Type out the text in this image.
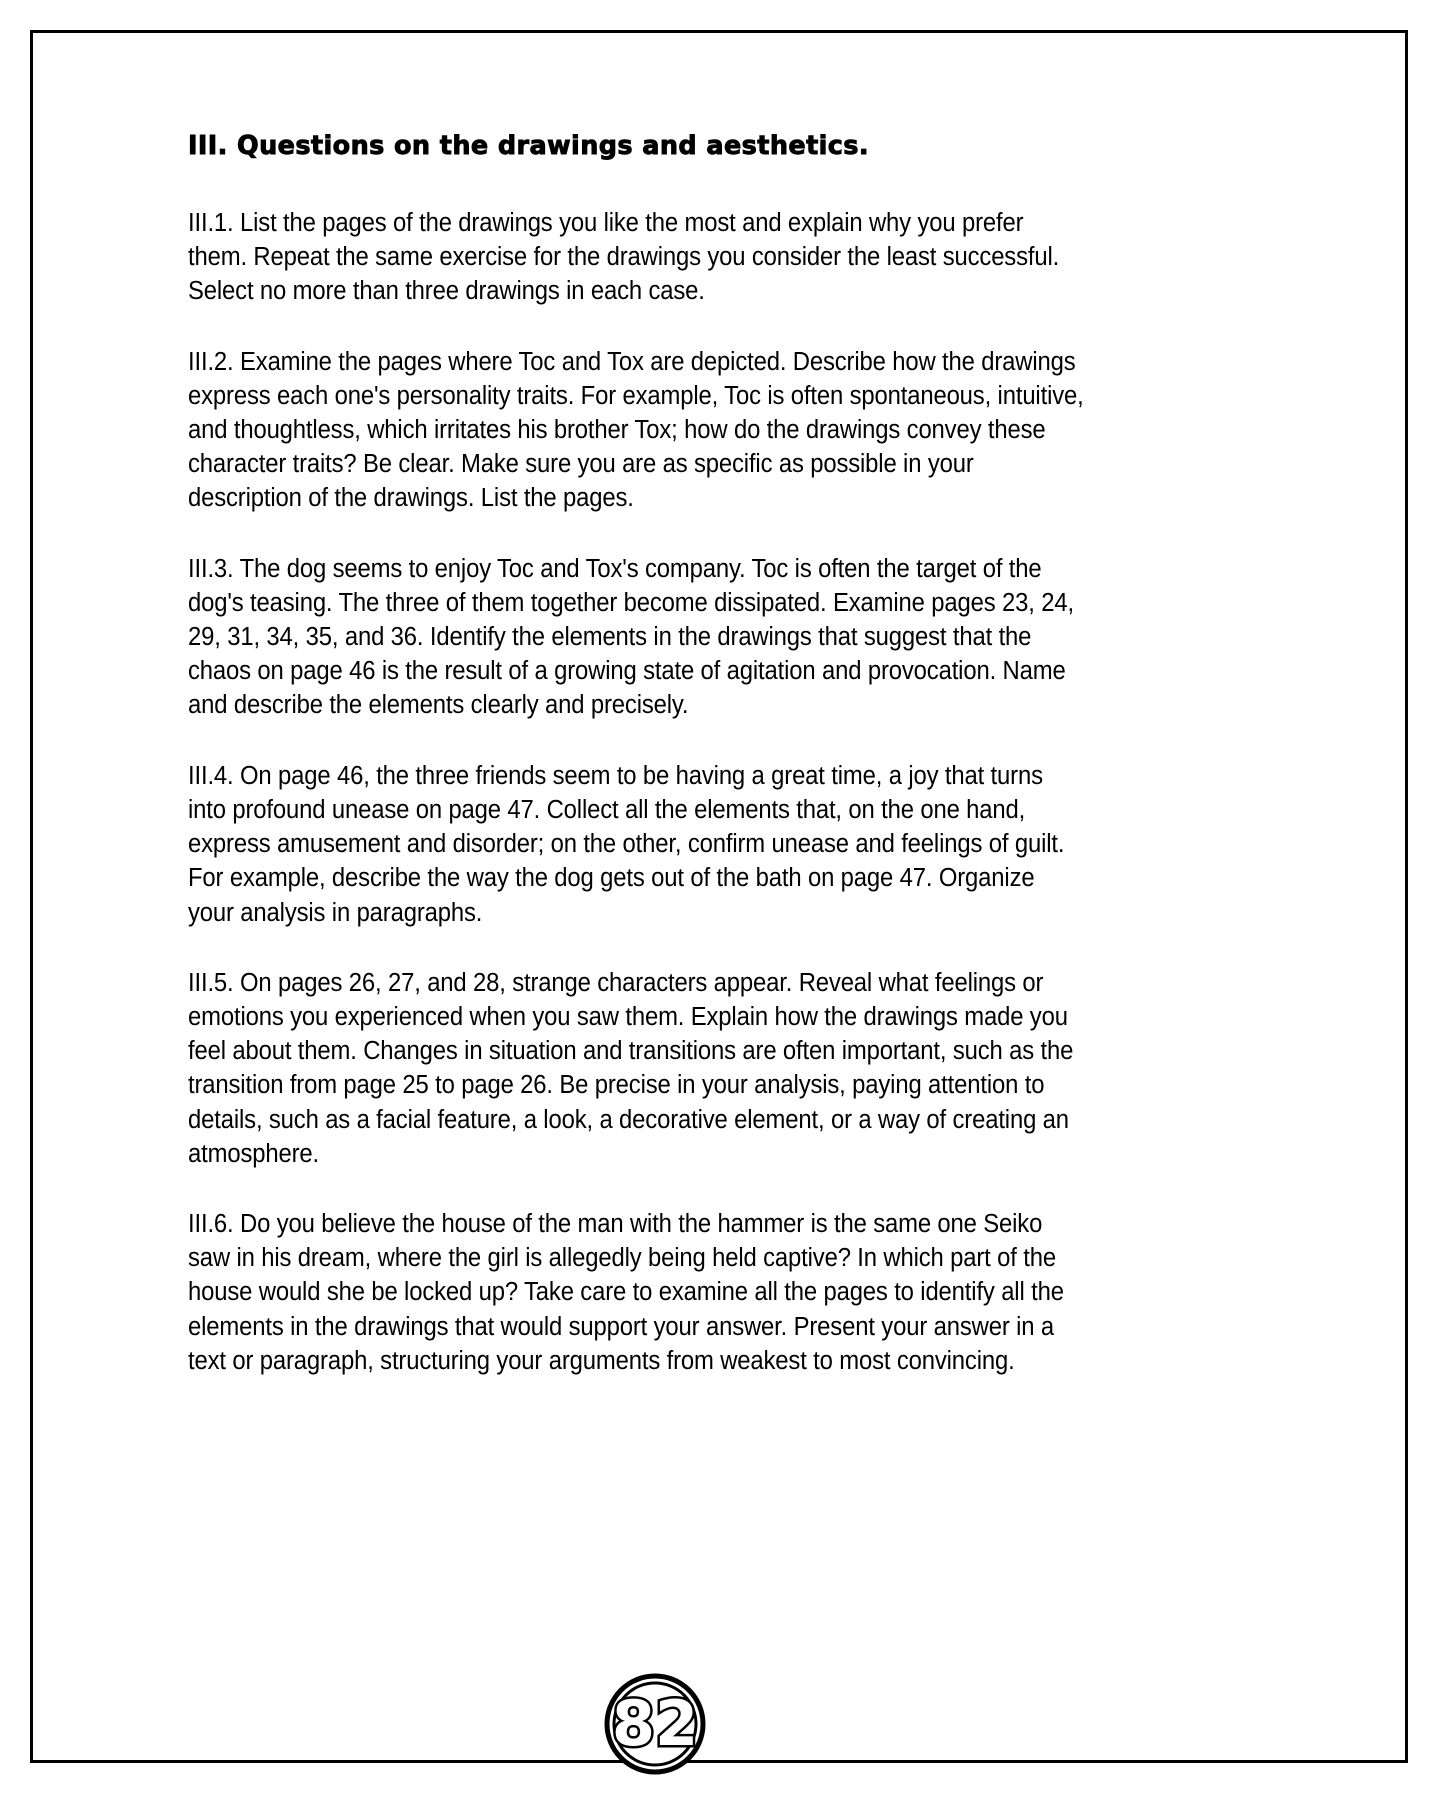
III. Questions on the drawings and aesthetics.

III.1. List the pages of the drawings you like the most and explain why you prefer them. Repeat the same exercise for the drawings you consider the least successful. Select no more than three drawings in each case.

III.2. Examine the pages where Toc and Tox are depicted. Describe how the drawings express each one's personality traits. For example, Toc is often spontaneous, intuitive, and thoughtless, which irritates his brother Tox; how do the drawings convey these character traits? Be clear. Make sure you are as specific as possible in your description of the drawings. List the pages.

III.3. The dog seems to enjoy Toc and Tox's company. Toc is often the target of the dog's teasing. The three of them together become dissipated. Examine pages 23, 24, 29, 31, 34, 35, and 36. Identify the elements in the drawings that suggest that the chaos on page 46 is the result of a growing state of agitation and provocation. Name and describe the elements clearly and precisely.

III.4. On page 46, the three friends seem to be having a great time, a joy that turns into profound unease on page 47. Collect all the elements that, on the one hand, express amusement and disorder; on the other, confirm unease and feelings of guilt. For example, describe the way the dog gets out of the bath on page 47. Organize your analysis in paragraphs.

III.5. On pages 26, 27, and 28, strange characters appear. Reveal what feelings or emotions you experienced when you saw them. Explain how the drawings made you feel about them. Changes in situation and transitions are often important, such as the transition from page 25 to page 26. Be precise in your analysis, paying attention to details, such as a facial feature, a look, a decorative element, or a way of creating an atmosphere.

III.6. Do you believe the house of the man with the hammer is the same one Seiko saw in his dream, where the girl is allegedly being held captive? In which part of the house would she be locked up? Take care to examine all the pages to identify all the elements in the drawings that would support your answer. Present your answer in a text or paragraph, structuring your arguments from weakest to most convincing.

82
